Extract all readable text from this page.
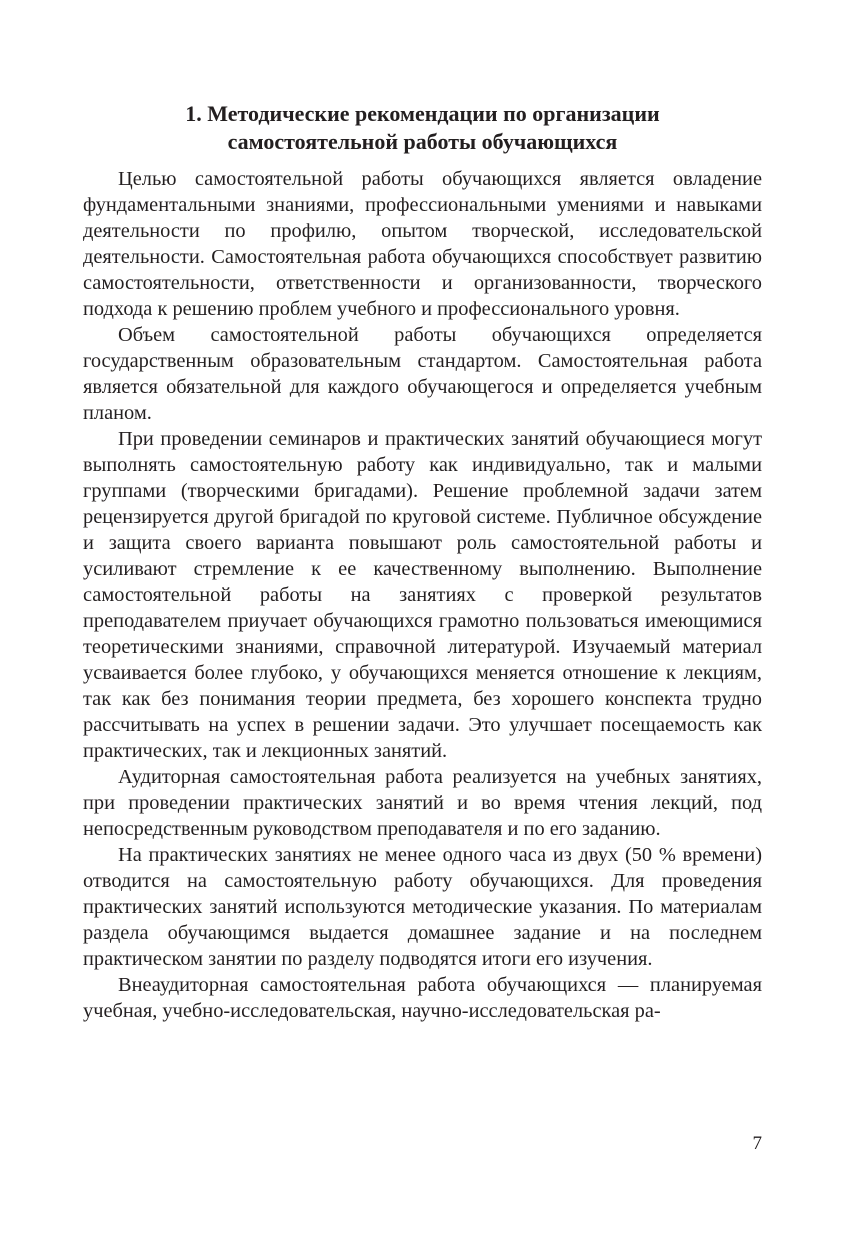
1. Методические рекомендации по организации
самостоятельной работы обучающихся

Целью самостоятельной работы обучающихся является овладение фундаментальными знаниями, профессиональными умениями и навыками деятельности по профилю, опытом творческой, исследовательской деятельности. Самостоятельная работа обучающихся способствует развитию самостоятельности, ответственности и организованности, творческого подхода к решению проблем учебного и профессионального уровня.

Объем самостоятельной работы обучающихся определяется государственным образовательным стандартом. Самостоятельная работа является обязательной для каждого обучающегося и определяется учебным планом.

При проведении семинаров и практических занятий обучающиеся могут выполнять самостоятельную работу как индивидуально, так и малыми группами (творческими бригадами). Решение проблемной задачи затем рецензируется другой бригадой по круговой системе. Публичное обсуждение и защита своего варианта повышают роль самостоятельной работы и усиливают стремление к ее качественному выполнению. Выполнение самостоятельной работы на занятиях с проверкой результатов преподавателем приучает обучающихся грамотно пользоваться имеющимися теоретическими знаниями, справочной литературой. Изучаемый материал усваивается более глубоко, у обучающихся меняется отношение к лекциям, так как без понимания теории предмета, без хорошего конспекта трудно рассчитывать на успех в решении задачи. Это улучшает посещаемость как практических, так и лекционных занятий.

Аудиторная самостоятельная работа реализуется на учебных занятиях, при проведении практических занятий и во время чтения лекций, под непосредственным руководством преподавателя и по его заданию.

На практических занятиях не менее одного часа из двух (50 % времени) отводится на самостоятельную работу обучающихся. Для проведения практических занятий используются методические указания. По материалам раздела обучающимся выдается домашнее задание и на последнем практическом занятии по разделу подводятся итоги его изучения.

Внеаудиторная самостоятельная работа обучающихся — планируемая учебная, учебно-исследовательская, научно-исследовательская ра-

7
